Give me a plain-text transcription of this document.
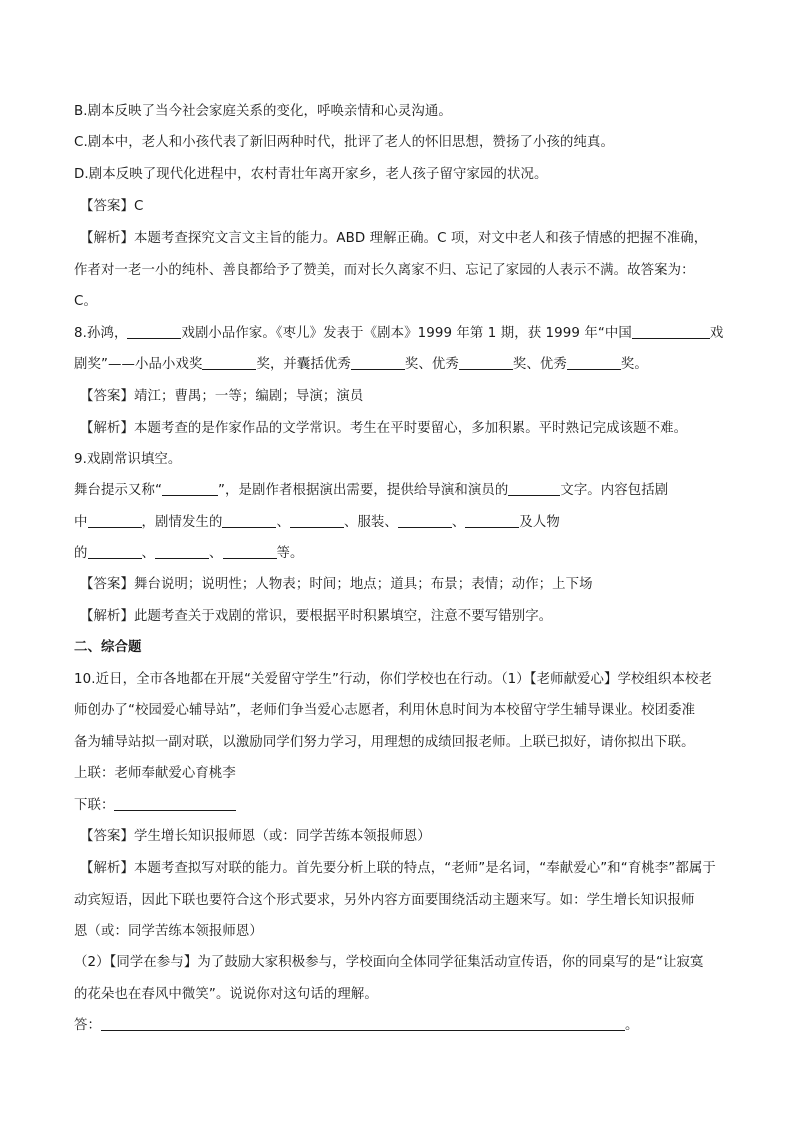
B.剧本反映了当今社会家庭关系的变化，呼唤亲情和心灵沟通。
C.剧本中，老人和小孩代表了新旧两种时代，批评了老人的怀旧思想，赞扬了小孩的纯真。
D.剧本反映了现代化进程中，农村青壮年离开家乡，老人孩子留守家园的状况。
【答案】C
【解析】本题考查探究文言文主旨的能力。ABD 理解正确。C 项，对文中老人和孩子情感的把握不准确，
作者对一老一小的纯朴、善良都给予了赞美，而对长久离家不归、忘记了家园的人表示不满。故答案为：
C。
8.孙鸿，	戏剧小品作家。《枣儿》发表于《剧本》1999 年第 1 期，获 1999 年“中国	戏
剧奖”——小品小戏奖	奖，并囊括优秀	奖、优秀	奖、优秀	奖。
【答案】靖江；曹禺；一等；编剧；导演；演员
【解析】本题考查的是作家作品的文学常识。考生在平时要留心，多加积累。平时熟记完成该题不难。
9.戏剧常识填空。
舞台提示又称“	”，是剧作者根据演出需要，提供给导演和演员的	文字。内容包括剧
中	，剧情发生的	、	、服装、	、	及人物
的	、	、	等。
【答案】舞台说明；说明性；人物表；时间；地点；道具；布景；表情；动作；上下场
【解析】此题考查关于戏剧的常识，要根据平时积累填空，注意不要写错别字。
二、综合题
10.近日，全市各地都在开展“关爱留守学生”行动，你们学校也在行动。（1）【老师献爱心】学校组织本校老
师创办了“校园爱心辅导站”，老师们争当爱心志愿者，利用休息时间为本校留守学生辅导课业。校团委准
备为辅导站拟一副对联，以激励同学们努力学习，用理想的成绩回报老师。上联已拟好，请你拟出下联。
上联：老师奉献爱心育桃李
下联：
【答案】学生增长知识报师恩（或：同学苦练本领报师恩）
【解析】本题考查拟写对联的能力。首先要分析上联的特点，“老师”是名词，“奉献爱心”和“育桃李”都属于
动宾短语，因此下联也要符合这个形式要求，另外内容方面要围绕活动主题来写。如：学生增长知识报师
恩（或：同学苦练本领报师恩）
（2）【同学在参与】为了鼓励大家积极参与，学校面向全体同学征集活动宣传语，你的同桌写的是“让寂寞
的花朵也在春风中微笑”。说说你对这句话的理解。
答：	。
